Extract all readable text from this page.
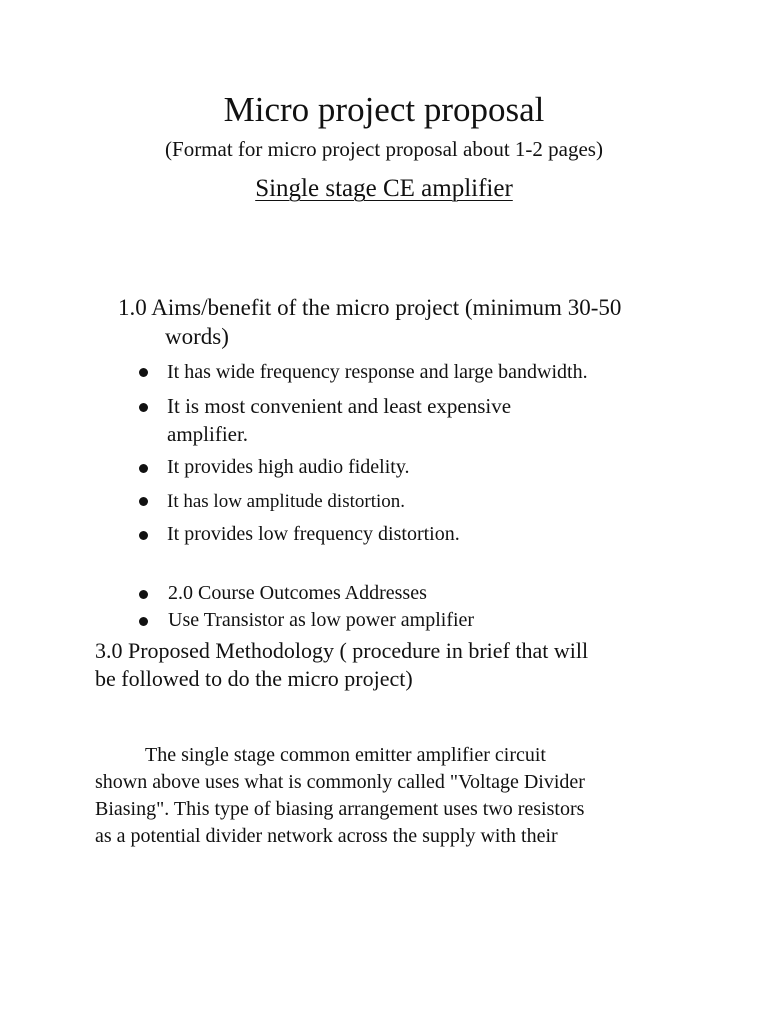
Micro project proposal
(Format for micro project proposal about 1-2 pages)
Single stage CE amplifier
1.0 Aims/benefit of the micro project (minimum 30-50
words)
It has wide frequency response and large bandwidth.
It is most convenient and least expensive
amplifier.
It provides high audio fidelity.
It has low amplitude distortion.
It provides low frequency distortion.
2.0 Course Outcomes Addresses
Use Transistor as low power amplifier
3.0 Proposed Methodology ( procedure in brief that will
be followed to do the micro project)
The single stage common emitter amplifier circuit
shown above uses what is commonly called "Voltage Divider
Biasing". This type of biasing arrangement uses two resistors
as a potential divider network across the supply with their
